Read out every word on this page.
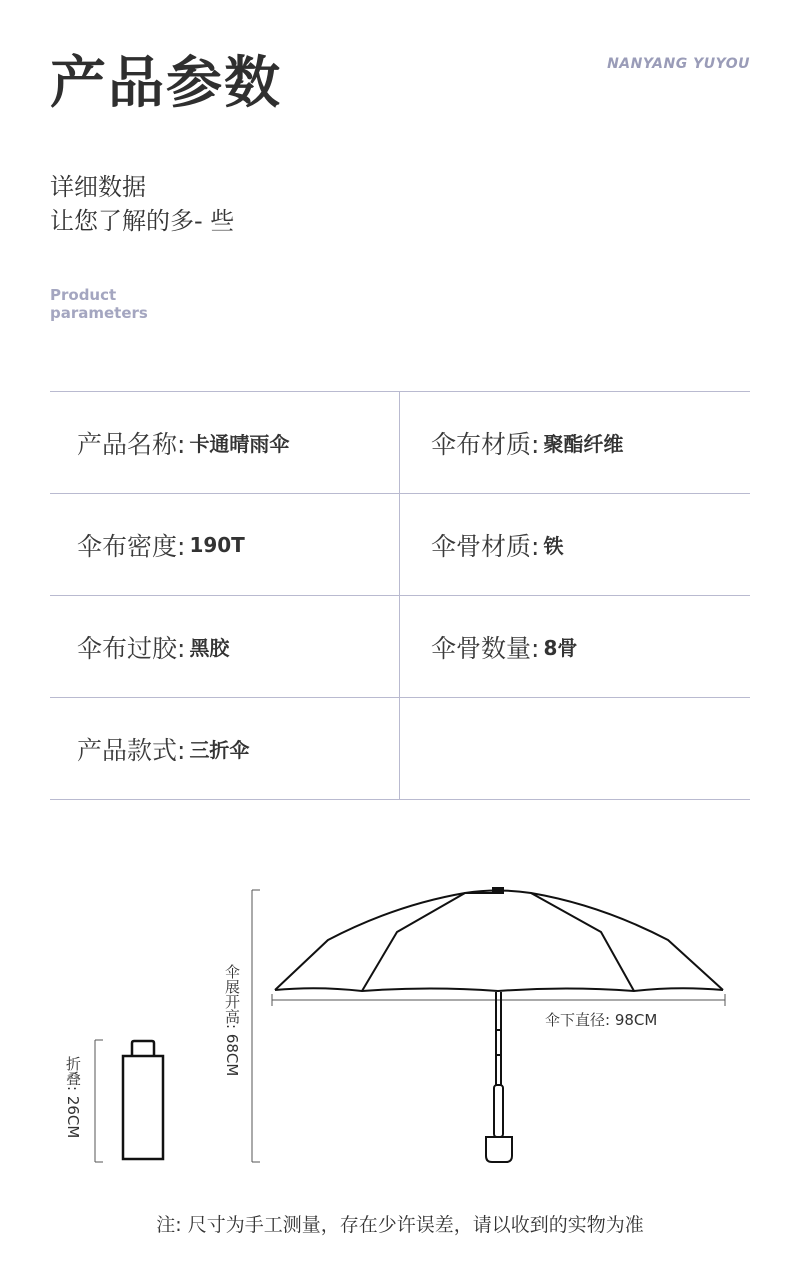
产品参数	NANYANG YUYOU
详细数据
让您了解的多- 些
Product
parameters
产品名称: 卡通晴雨伞	伞布材质: 聚酯纤维
伞布密度: 190T	伞骨材质: 铁
伞布过胶: 黑胶	伞骨数量: 8骨
产品款式: 三折伞
伞下直径: 98CM
折叠: 26CM
伞展开高: 68CM
注: 尺寸为手工测量，存在少许误差，请以收到的实物为准
